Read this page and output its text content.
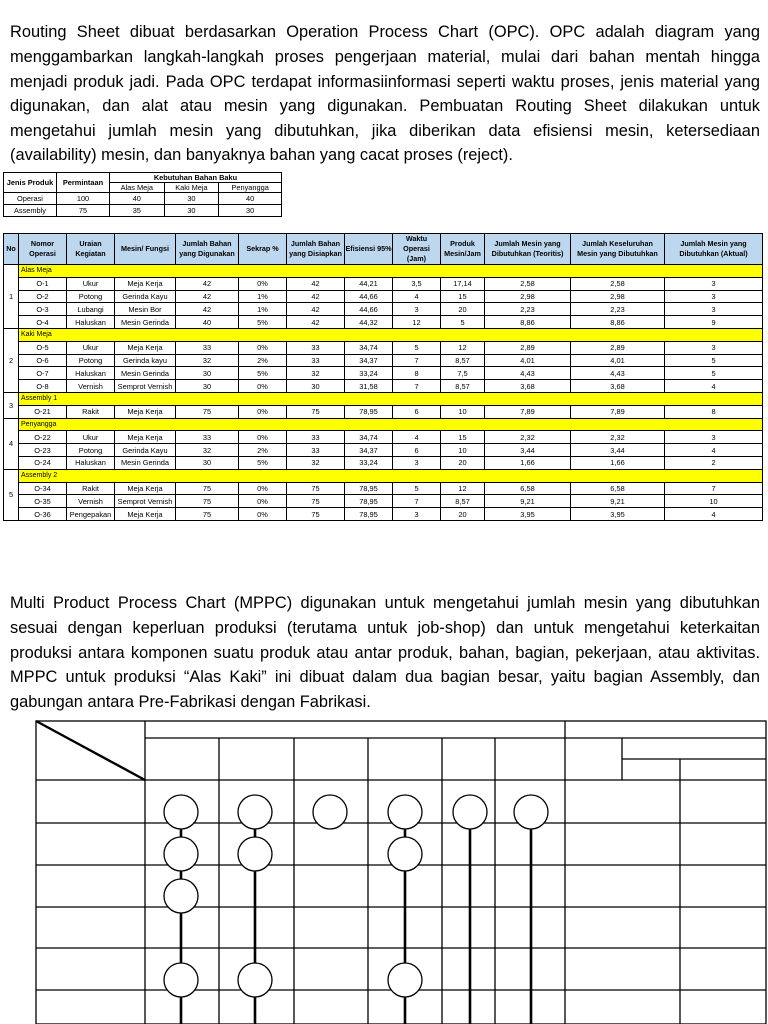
Routing Sheet dibuat berdasarkan Operation Process Chart (OPC). OPC adalah diagram yang menggambarkan langkah-langkah proses pengerjaan material, mulai dari bahan mentah hingga menjadi produk jadi. Pada OPC terdapat informasiinformasi seperti waktu proses, jenis material yang digunakan, dan alat atau mesin yang digunakan. Pembuatan Routing Sheet dilakukan untuk mengetahui jumlah mesin yang dibutuhkan, jika diberikan data efisiensi mesin, ketersediaan (availability) mesin, dan banyaknya bahan yang cacat proses (reject).

Jenis Produk	Permintaan	Kebutuhan Bahan Baku		
		Alas Meja	Kaki Meja	Penyangga
Operasi	100	40	30	40
Assembly	75	35	30	30
No	Nomor Operasi	Uraian Kegiatan	Mesin/ Fungsi	Jumlah Bahan yang Digunakan	Sekrap %	Jumlah Bahan yang Disiapkan	Efisiensi 95%	Waktu Operasi (Jam)	Produk Mesin/Jam	Jumlah Mesin yang Dibutuhkan (Teoritis)	Jumlah Keseluruhan Mesin yang Dibutuhkan	Jumlah Mesin yang Dibutuhkan (Aktual)
1	Alas Meja											
	O-1	Ukur	Meja Kerja	42	0%	42	44,21	3,5	17,14	2,58	2,58	3
	O-2	Potong	Gerinda Kayu	42	1%	42	44,66	4	15	2,98	2,98	3
	O-3	Lubangi	Mesin Bor	42	1%	42	44,66	3	20	2,23	2,23	3
	O-4	Haluskan	Mesin Gerinda	40	5%	42	44,32	12	5	8,86	8,86	9
2	Kaki Meja											
	O-5	Ukur	Meja Kerja	33	0%	33	34,74	5	12	2,89	2,89	3
	O-6	Potong	Gerinda kayu	32	2%	33	34,37	7	8,57	4,01	4,01	5
	O-7	Haluskan	Mesin Gerinda	30	5%	32	33,24	8	7,5	4,43	4,43	5
	O-8	Vernish	Semprot Vernish	30	0%	30	31,58	7	8,57	3,68	3,68	4
3	Assembly 1											
	O-21	Rakit	Meja Kerja	75	0%	75	78,95	6	10	7,89	7,89	8
4	Penyangga											
	O-22	Ukur	Meja Kerja	33	0%	33	34,74	4	15	2,32	2,32	3
	O-23	Potong	Gerinda Kayu	32	2%	33	34,37	6	10	3,44	3,44	4
	O-24	Haluskan	Mesin Gerinda	30	5%	32	33,24	3	20	1,66	1,66	2
5	Assembly 2											
	O-34	Rakit	Meja Kerja	75	0%	75	78,95	5	12	6,58	6,58	7
	O-35	Vernish	Semprot Vernish	75	0%	75	78,95	7	8,57	9,21	9,21	10
	O-36	Pengepakan	Meja Kerja	75	0%	75	78,95	3	20	3,95	3,95	4

Multi Product Process Chart (MPPC) digunakan untuk mengetahui jumlah mesin yang dibutuhkan sesuai dengan keperluan produksi (terutama untuk job-shop) dan untuk mengetahui keterkaitan produksi antara komponen suatu produk atau antar produk, bahan, bagian, pekerjaan, atau aktivitas. MPPC untuk produksi “Alas Kaki” ini dibuat dalam dua bagian besar, yaitu bagian Assembly, dan gabungan antara Pre-Fabrikasi dengan Fabrikasi.
